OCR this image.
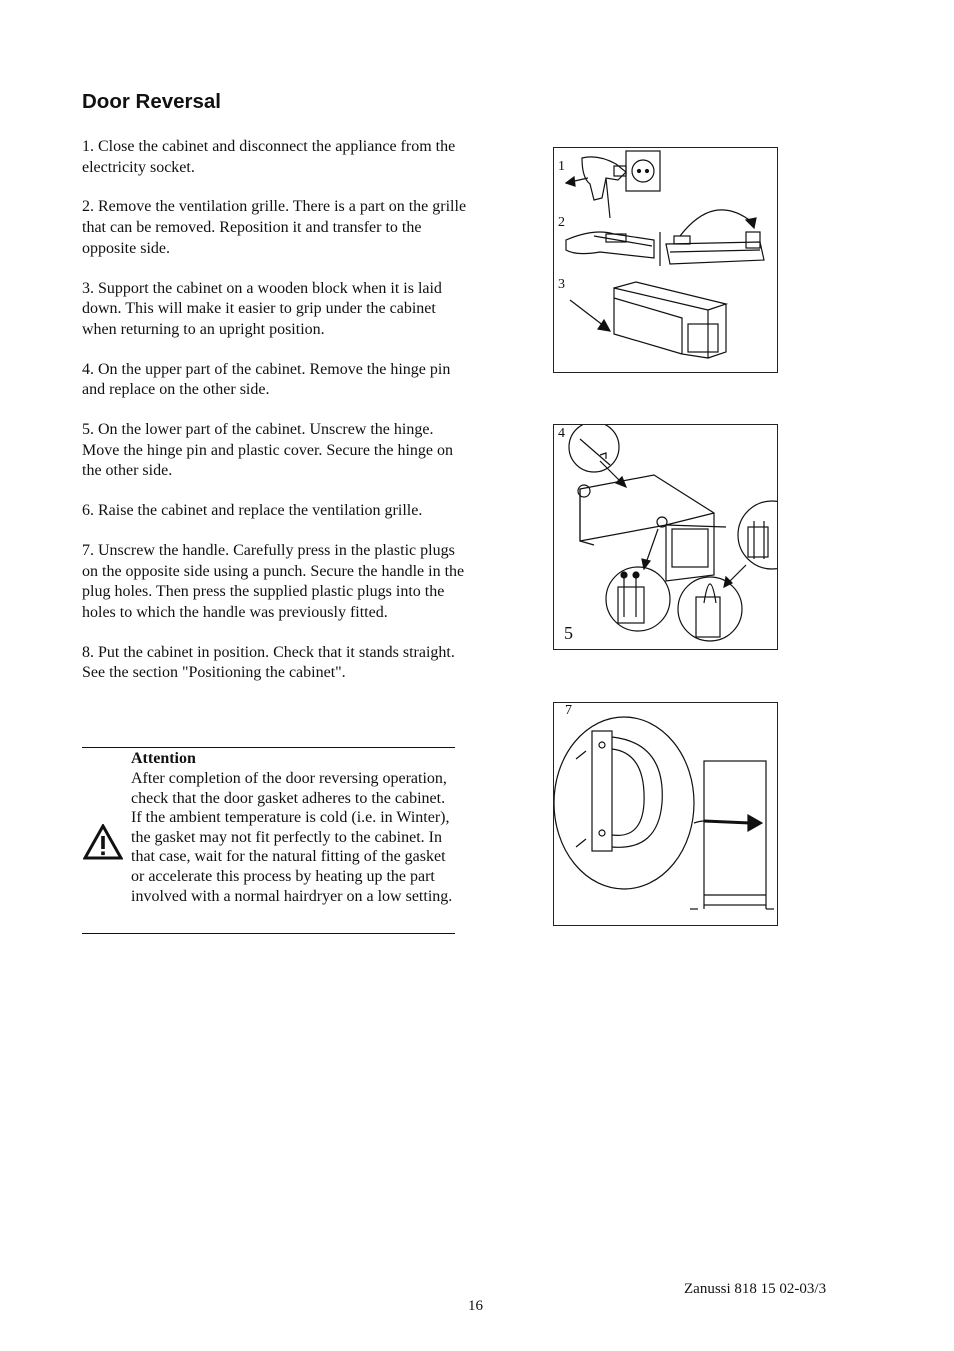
Door Reversal

1. Close the cabinet and disconnect the appliance from the electricity socket.

2. Remove the ventilation grille. There is a part on the grille that can be removed. Reposition it and transfer to the opposite side.

3. Support the cabinet on a wooden block when it is laid down. This will make it easier to grip under the cabinet when returning to an upright position.

4. On the upper part of the cabinet. Remove the hinge pin and replace on the other side.

5. On the lower part of the cabinet. Unscrew the hinge. Move the hinge pin and plastic cover. Secure the hinge on the other side.

6. Raise the cabinet and replace the ventilation grille.

7. Unscrew the handle. Carefully press in the plastic plugs on the opposite side using a punch. Secure the handle in the plug holes. Then press the supplied plastic plugs into the holes to which the handle was previously fitted.

8. Put the cabinet in position. Check that it stands straight. See the section "Positioning the cabinet".

Attention
After completion of the door reversing operation, check that the door gasket adheres to the cabinet. If the ambient temperature is cold (i.e. in Winter), the gasket may not fit perfectly to the cabinet. In that case, wait for the natural fitting of the gasket or accelerate this process by heating up the part involved with a normal hairdryer on a low setting.
1
2
3
4
5
7
Zanussi 818 15 02-03/3
16
